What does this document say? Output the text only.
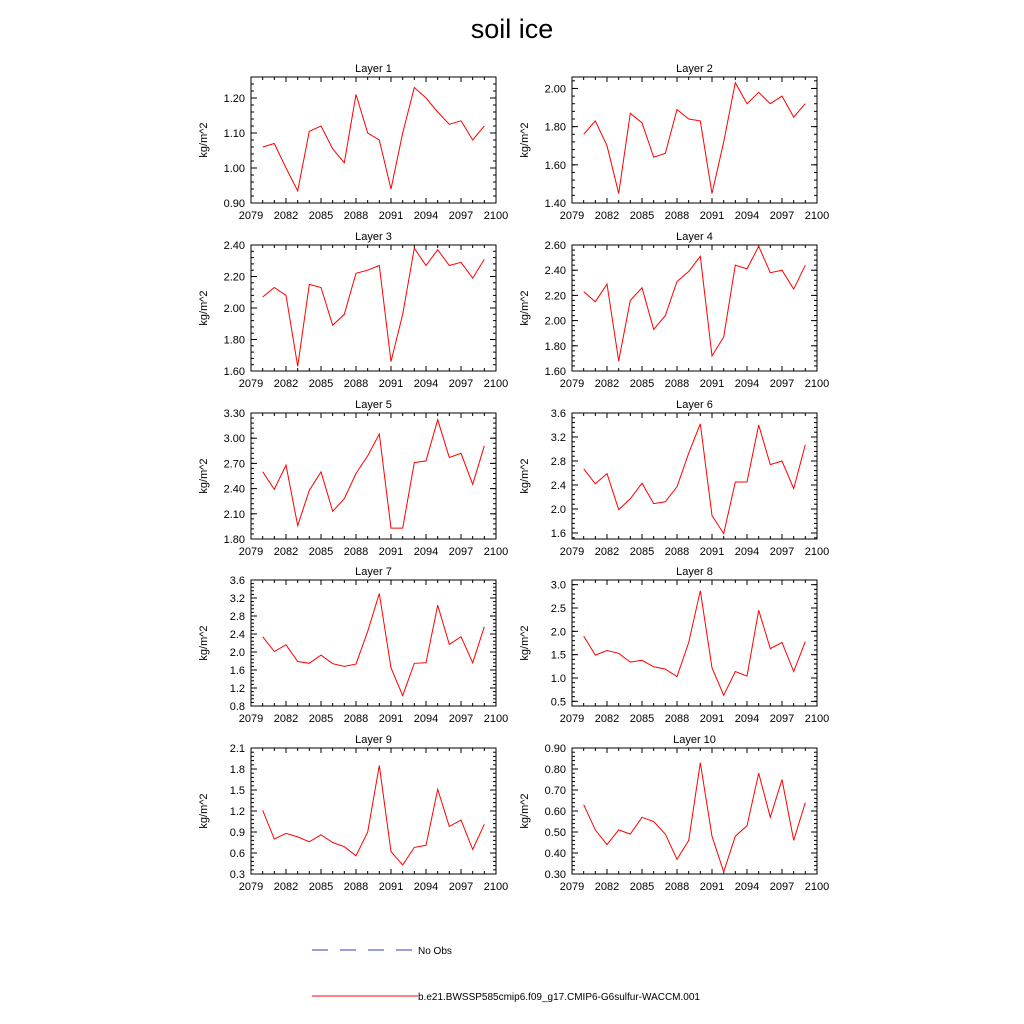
soil ice
Layer 1
kg/m^2
2079 2082 2085 2088 2091 2094 2097 2100
0.90
1.00
1.10
1.20
Layer 2
kg/m^2
2079 2082 2085 2088 2091 2094 2097 2100
1.40
1.60
1.80
2.00
Layer 3
kg/m^2
2079 2082 2085 2088 2091 2094 2097 2100
1.60
1.80
2.00
2.20
2.40
Layer 4
kg/m^2
2079 2082 2085 2088 2091 2094 2097 2100
1.60
1.80
2.00
2.20
2.40
2.60
Layer 5
kg/m^2
2079 2082 2085 2088 2091 2094 2097 2100
1.80
2.10
2.40
2.70
3.00
3.30
Layer 6
kg/m^2
2079 2082 2085 2088 2091 2094 2097 2100
1.6
2.0
2.4
2.8
3.2
3.6
Layer 7
kg/m^2
2079 2082 2085 2088 2091 2094 2097 2100
0.8
1.2
1.6
2.0
2.4
2.8
3.2
3.6
Layer 8
kg/m^2
2079 2082 2085 2088 2091 2094 2097 2100
0.5
1.0
1.5
2.0
2.5
3.0
Layer 9
kg/m^2
2079 2082 2085 2088 2091 2094 2097 2100
0.3
0.6
0.9
1.2
1.5
1.8
2.1
Layer 10
kg/m^2
2079 2082 2085 2088 2091 2094 2097 2100
0.30
0.40
0.50
0.60
0.70
0.80
0.90
No Obs
b.e21.BWSSP585cmip6.f09_g17.CMIP6-G6sulfur-WACCM.001
